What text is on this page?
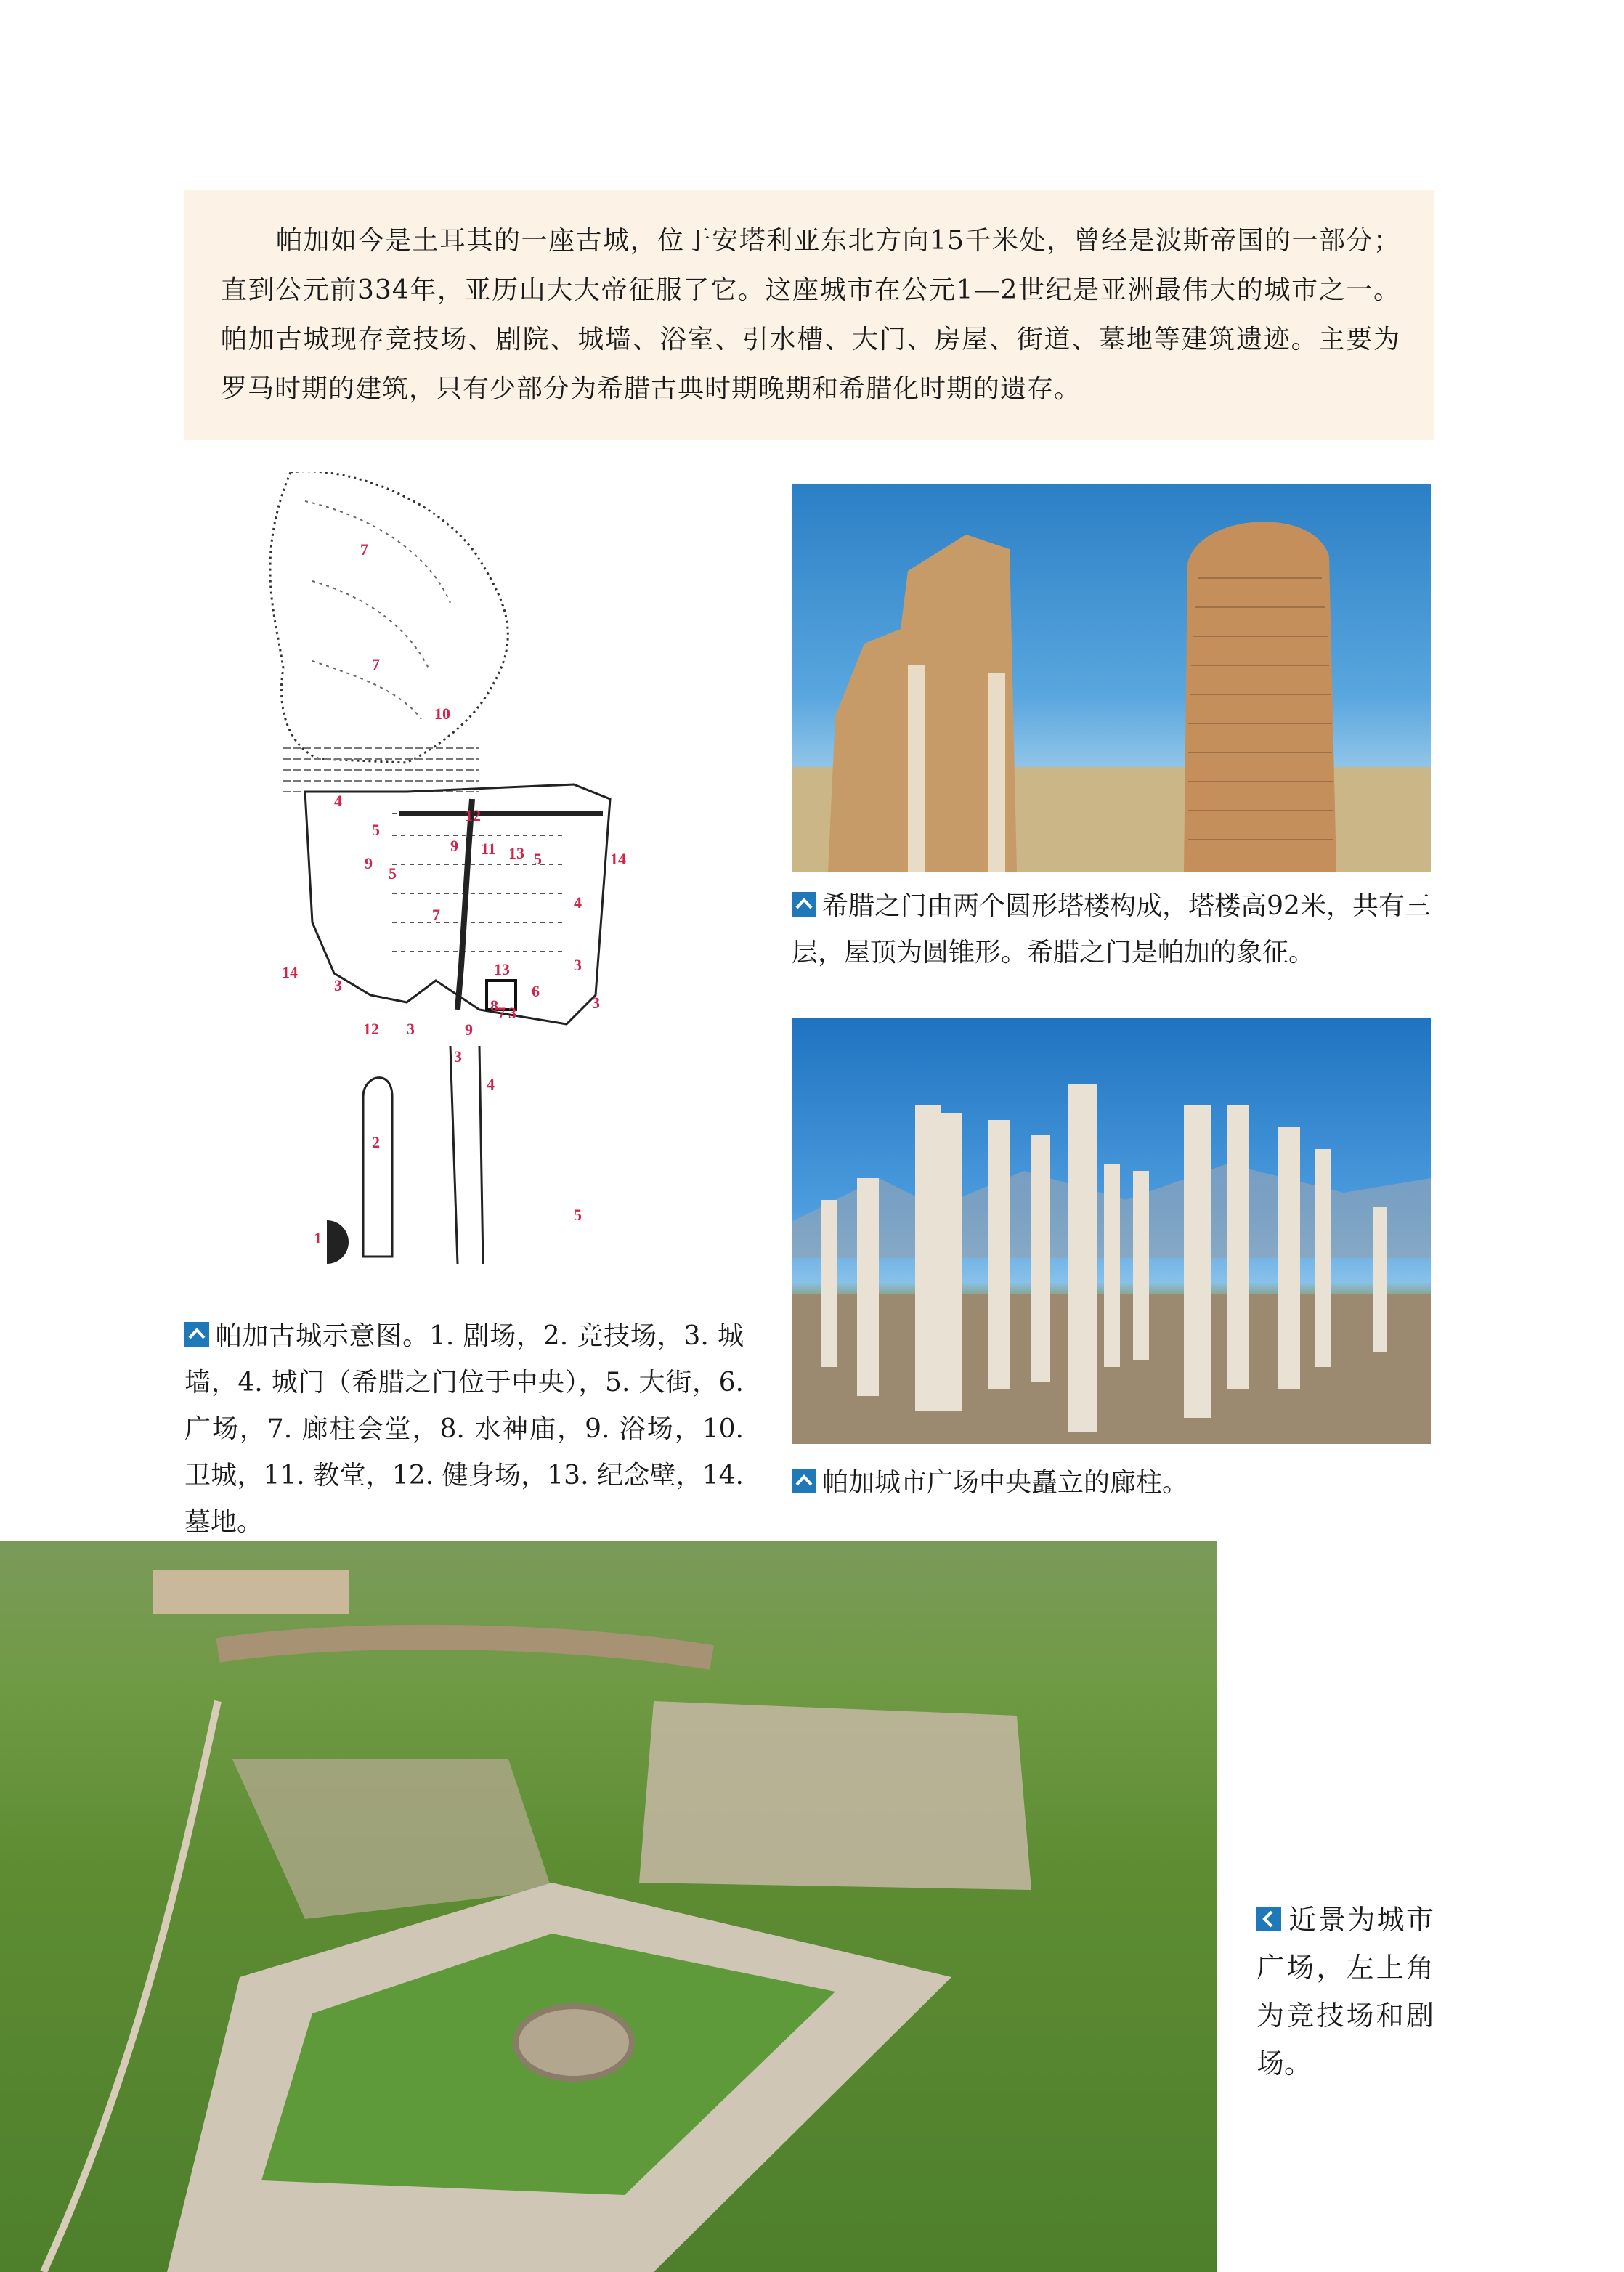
帕加如今是土耳其的一座古城，位于安塔利亚东北方向15千米处，曾经是波斯帝国的一部分；直到公元前334年，亚历山大大帝征服了它。这座城市在公元1—2世纪是亚洲最伟大的城市之一。帕加古城现存竞技场、剧院、城墙、浴室、引水槽、大门、房屋、街道、墓地等建筑遗迹。主要为罗马时期的建筑，只有少部分为希腊古典时期晚期和希腊化时期的遗存。

1
2
3
3
3
3
3
3
4
4
4
5
5
5
5
6
7
7
7
7
8
9
9
9
10
11
12
12
13
13
14
14
帕加古城示意图。1. 剧场，2. 竞技场，3. 城墙，4. 城门（希腊之门位于中央），5. 大街，6. 广场，7. 廊柱会堂，8. 水神庙，9. 浴场，10. 卫城，11. 教堂，12. 健身场，13. 纪念壁，14. 墓地。
希腊之门由两个圆形塔楼构成，塔楼高92米，共有三层，屋顶为圆锥形。希腊之门是帕加的象征。
帕加城市广场中央矗立的廊柱。
近景为城市广场，左上角为竞技场和剧场。
